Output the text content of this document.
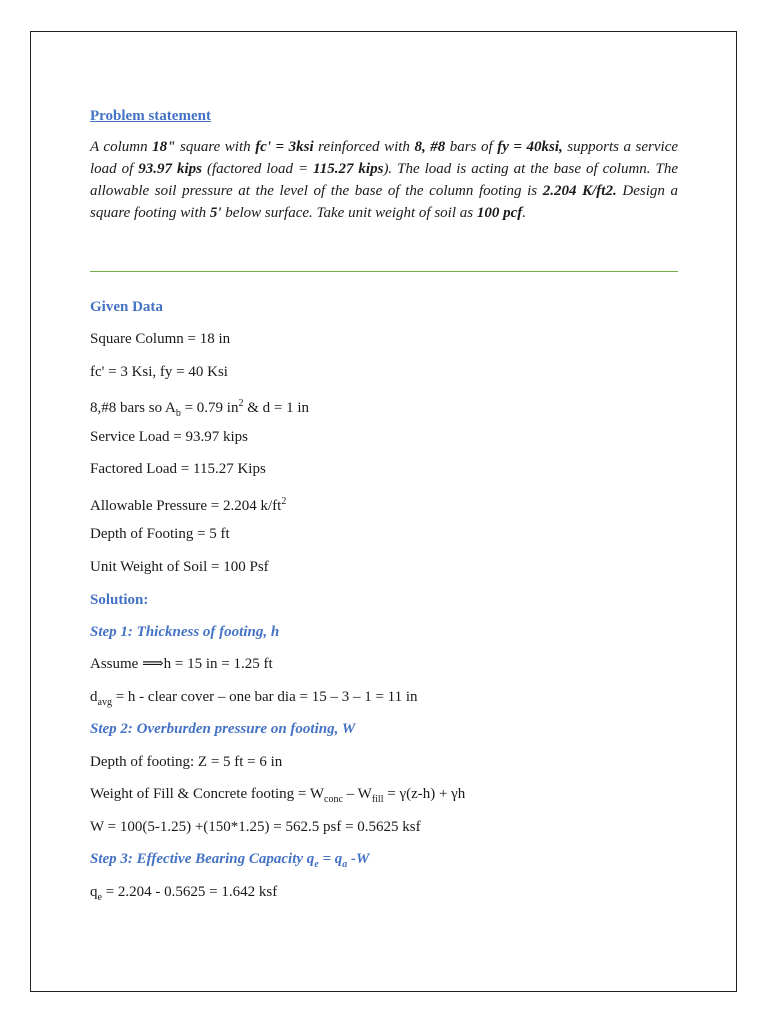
Problem statement
A column 18" square with fc' = 3ksi reinforced with 8, #8 bars of fy = 40ksi, supports a service load of 93.97 kips (factored load = 115.27 kips). The load is acting at the base of column. The allowable soil pressure at the level of the base of the column footing is 2.204 K/ft2. Design a square footing with 5' below surface. Take unit weight of soil as 100 pcf.
Given Data
Square Column = 18 in
fc' = 3 Ksi, fy = 40 Ksi
8,#8 bars so $A_b = 0.79$ $in^2$ & d = 1 in
Service Load = 93.97 kips
Factored Load = 115.27 Kips
Allowable Pressure = 2.204 $k/ft^2$
Depth of Footing = 5 ft
Unit Weight of Soil = 100 Psf
Solution:
Step 1: Thickness of footing, h
Assume ⟹h = 15 in = 1.25 ft
$d_{avg} = h$ - clear cover – one bar dia = 15 – 3 – 1 = 11 in
Step 2: Overburden pressure on footing, W
Depth of footing: Z = 5 ft = 6 in
Weight of Fill & Concrete footing = $W_{conc} - W_{fill} = \gamma(z-h) + \gamma h$
W = 100(5-1.25) +(150*1.25) = 562.5 psf = 0.5625 ksf
Step 3: Effective Bearing Capacity $q_e = q_a$ -W
$q_e = 2.204 - 0.5625 = 1.642$ ksf
